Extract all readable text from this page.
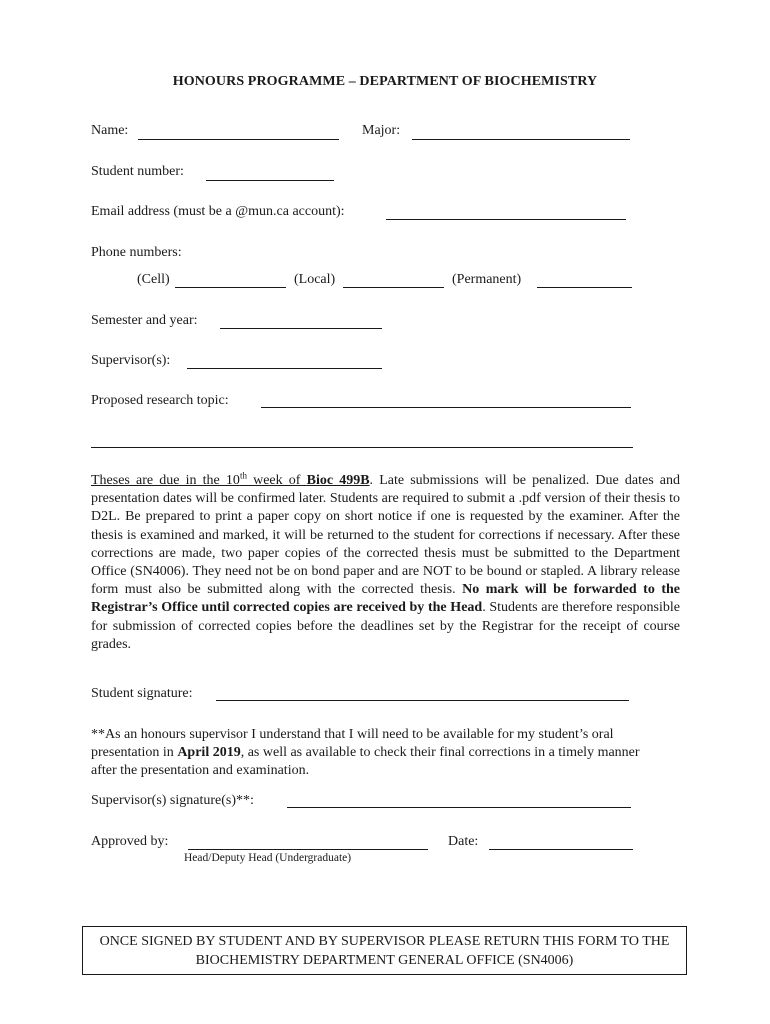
HONOURS PROGRAMME – DEPARTMENT OF BIOCHEMISTRY
Name:	Major:
Student number:
Email address (must be a @mun.ca account):
Phone numbers:
(Cell)	(Local)	(Permanent)
Semester and year:
Supervisor(s):
Proposed research topic:
Theses are due in the 10th week of Bioc 499B. Late submissions will be penalized. Due dates and presentation dates will be confirmed later. Students are required to submit a .pdf version of their thesis to D2L. Be prepared to print a paper copy on short notice if one is requested by the examiner. After the thesis is examined and marked, it will be returned to the student for corrections if necessary. After these corrections are made, two paper copies of the corrected thesis must be submitted to the Department Office (SN4006). They need not be on bond paper and are NOT to be bound or stapled. A library release form must also be submitted along with the corrected thesis. No mark will be forwarded to the Registrar’s Office until corrected copies are received by the Head. Students are therefore responsible for submission of corrected copies before the deadlines set by the Registrar for the receipt of course grades.
Student signature:
**As an honours supervisor I understand that I will need to be available for my student’s oral presentation in April 2019, as well as available to check their final corrections in a timely manner after the presentation and examination.
Supervisor(s) signature(s)**:
Approved by:
Head/Deputy Head (Undergraduate)
Date:
ONCE SIGNED BY STUDENT AND BY SUPERVISOR PLEASE RETURN THIS FORM TO THE
BIOCHEMISTRY DEPARTMENT GENERAL OFFICE (SN4006)
